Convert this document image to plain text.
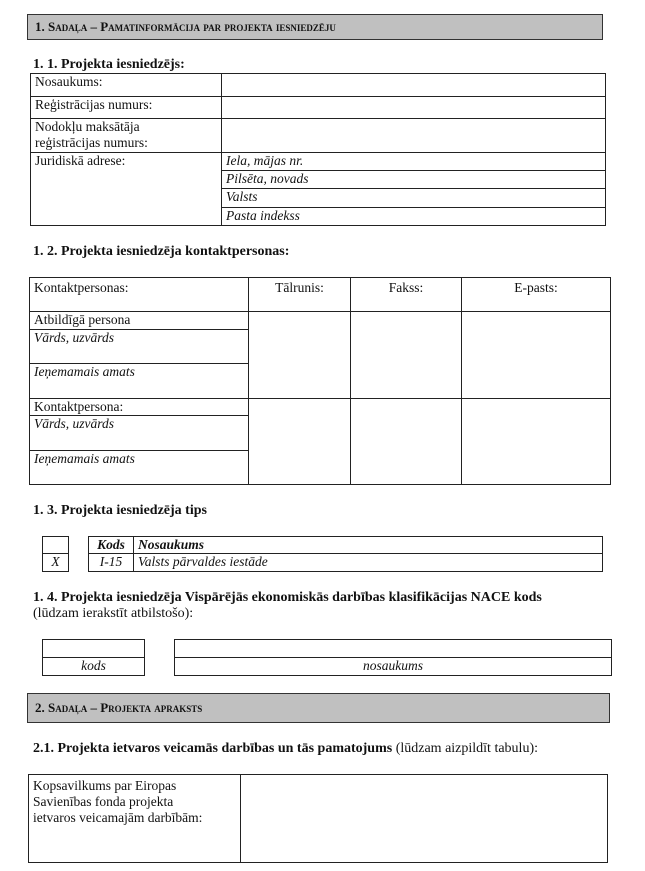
1.
Sadaļa – Pamatinformācija par projekta iesniedzēju
1. 1. Projekta iesniedzējs:
Nosaukums:	
Reģistrācijas numurs:	
Nodokļu maksātāja
reģistrācijas numurs:	
Juridiskā adrese:	Iela, mājas nr.
	Pilsēta, novads
	Valsts
	Pasta indekss
1. 2. Projekta iesniedzēja kontaktpersonas:
Kontaktpersonas:	Tālrunis:	Fakss:	E-pasts:
Atbildīgā persona			
Vārds, uzvārds			
Ieņemamais amats			
Kontaktpersona:			
Vārds, uzvārds			
Ieņemamais amats			
1. 3. Projekta iesniedzēja tips

X
Kods	Nosaukums
I-15	Valsts pārvaldes iestāde
1. 4. Projekta iesniedzēja Vispārējās ekonomiskās darbības klasifikācijas NACE kods
(lūdzam ierakstīt atbilstošo):

kods	nosaukums
2.
Sadaļa – Projekta apraksts
2.1. Projekta ietvaros veicamās darbības un tās pamatojums (lūdzam aizpildīt tabulu):
Kopsavilkums par Eiropas
Savienības fonda projekta
ietvaros veicamajām darbībām:	
